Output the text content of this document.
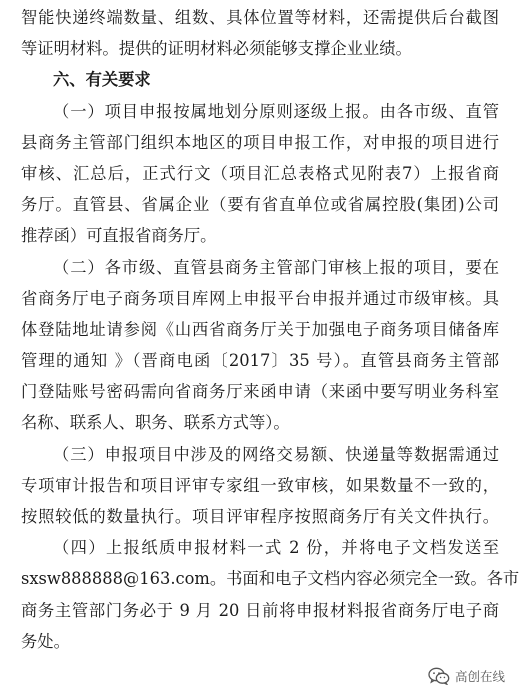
智能快递终端数量、组数、具体位置等材料，还需提供后台截图

等证明材料。提供的证明材料必须能够支撑企业业绩。

六、有关要求

（一）项目申报按属地划分原则逐级上报。由各市级、直管

县商务主管部门组织本地区的项目申报工作，对申报的项目进行

审核、汇总后，正式行文（项目汇总表格式见附表7）上报省商

务厅。直管县、省属企业（要有省直单位或省属控股(集团)公司

推荐函）可直报省商务厅。

（二）各市级、直管县商务主管部门审核上报的项目，要在

省商务厅电子商务项目库网上申报平台申报并通过市级审核。具

体登陆地址请参阅《山西省商务厅关于加强电子商务项目储备库

管理的通知 》（晋商电函〔2017〕35 号）。直管县商务主管部

门登陆账号密码需向省商务厅来函申请（来函中要写明业务科室

名称、联系人、职务、联系方式等）。

（三）申报项目中涉及的网络交易额、快递量等数据需通过

专项审计报告和项目评审专家组一致审核，如果数量不一致的，

按照较低的数量执行。项目评审程序按照商务厅有关文件执行。

（四）上报纸质申报材料一式 2 份，并将电子文档发送至

sxsw888888@163.com。书面和电子文档内容必须完全一致。各市

商务主管部门务必于 9 月 20 日前将申报材料报省商务厅电子商

务处。

高创在线
